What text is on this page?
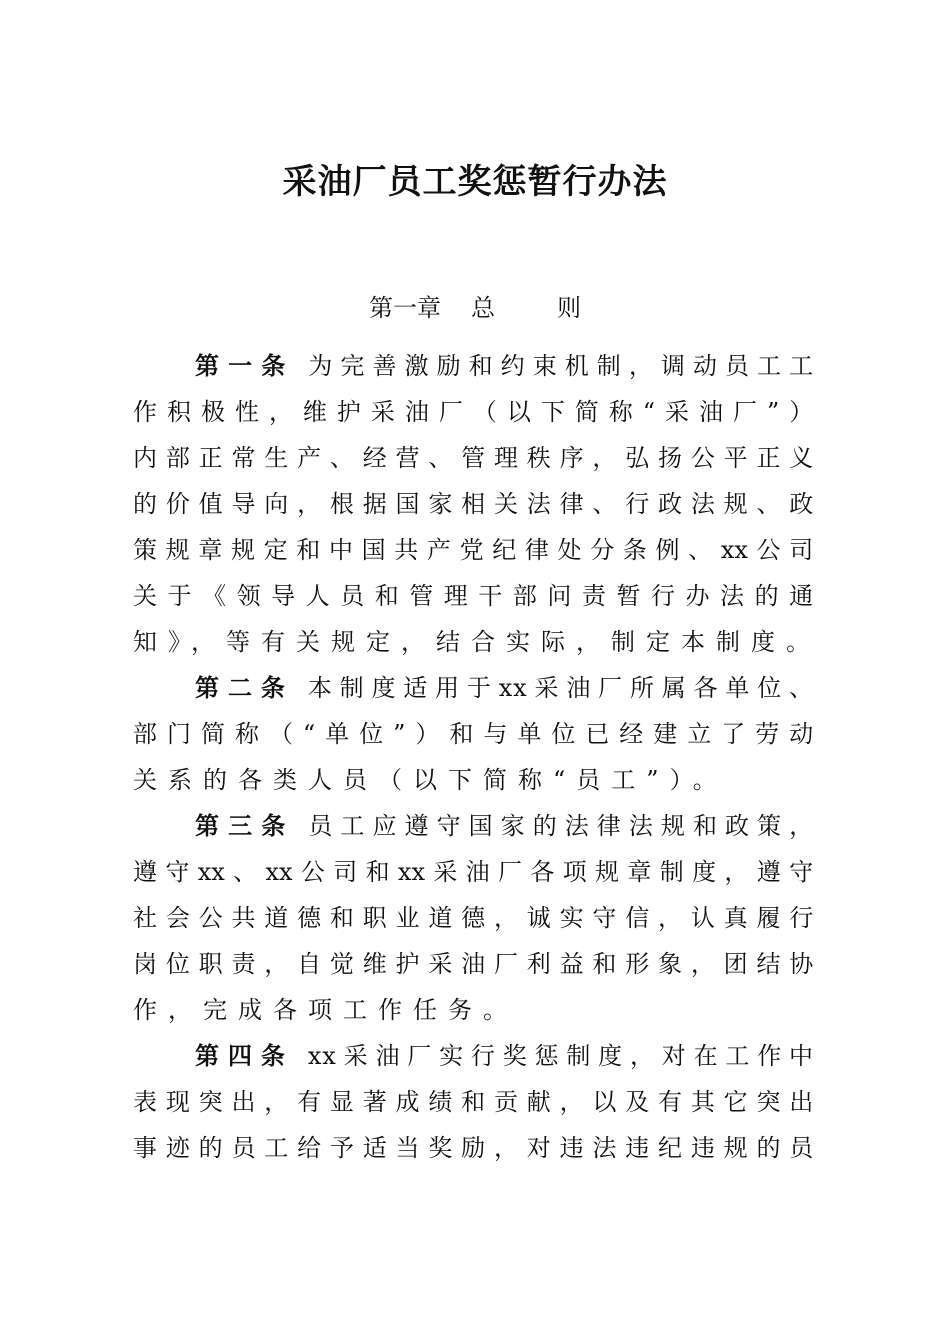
采油厂员工奖惩暂行办法
第一章 总	则
第一条 为完善激励和约束机制，调动员工工
作积极性，维护采油厂（以下简称“采油厂”）
内部正常生产、经营、管理秩序，弘扬公平正义
的价值导向，根据国家相关法律、行政法规、政
策规章规定和中国共产党纪律处分条例、xx公司
关于《领导人员和管理干部问责暂行办法的通
知 》 ， 等 有 关 规 定 ， 结 合 实 际 ， 制 定 本 制 度 。
第二条 本制度适用于xx采油厂所属各单位、
部门简称（“单位”）和与单位已经建立了劳动
关 系 的 各 类 人 员 （ 以 下 简 称 “ 员 工 ” ） 。
第三条 员工应遵守国家的法律法规和政策，
遵守xx、xx公司和xx采油厂各项规章制度，遵守
社会公共道德和职业道德，诚实守信，认真履行
岗位职责，自觉维护采油厂利益和形象，团结协
作 ， 完 成 各 项 工 作 任 务 。
第四条 xx采油厂实行奖惩制度，对在工作中
表现突出，有显著成绩和贡献，以及有其它突出
事迹的员工给予适当奖励，对违法违纪违规的员
